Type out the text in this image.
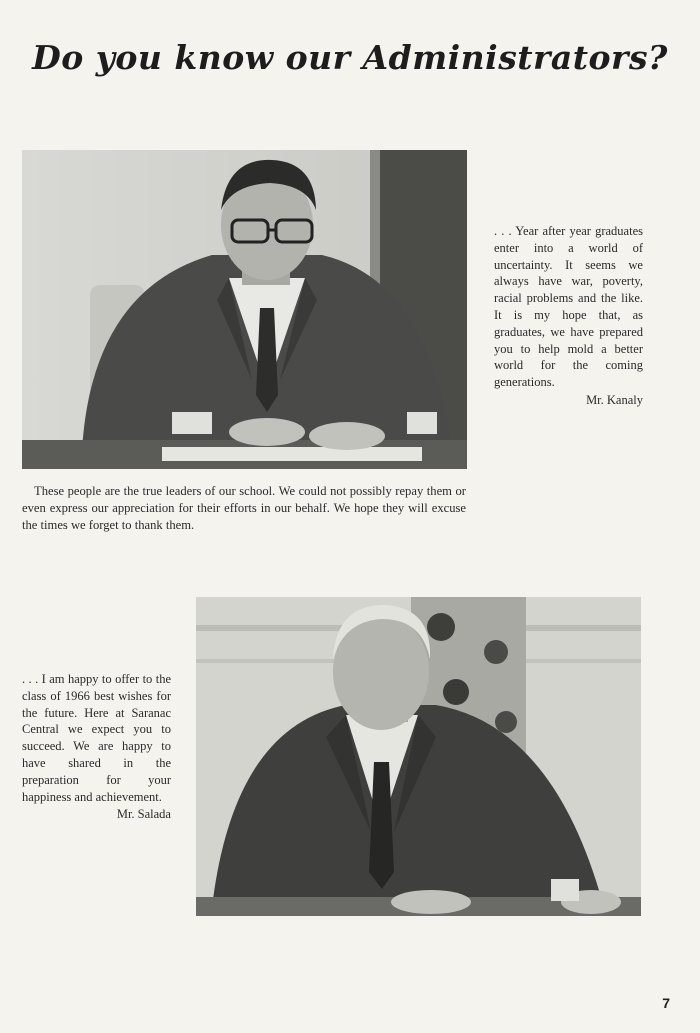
Do you know our Administrators?
. . . Year after year graduates enter into a world of uncertainty. It seems we always have war, poverty, racial problems and the like. It is my hope that, as graduates, we have prepared you to help mold a better world for the coming generations.
Mr. Kanaly
These people are the true leaders of our school. We could not possibly repay them or even express our appreciation for their efforts in our behalf. We hope they will excuse the times we forget to thank them.
. . . I am happy to offer to the class of 1966 best wishes for the future. Here at Saranac Central we expect you to succeed. We are happy to have shared in the preparation for your happiness and achievement.
Mr. Salada
7
